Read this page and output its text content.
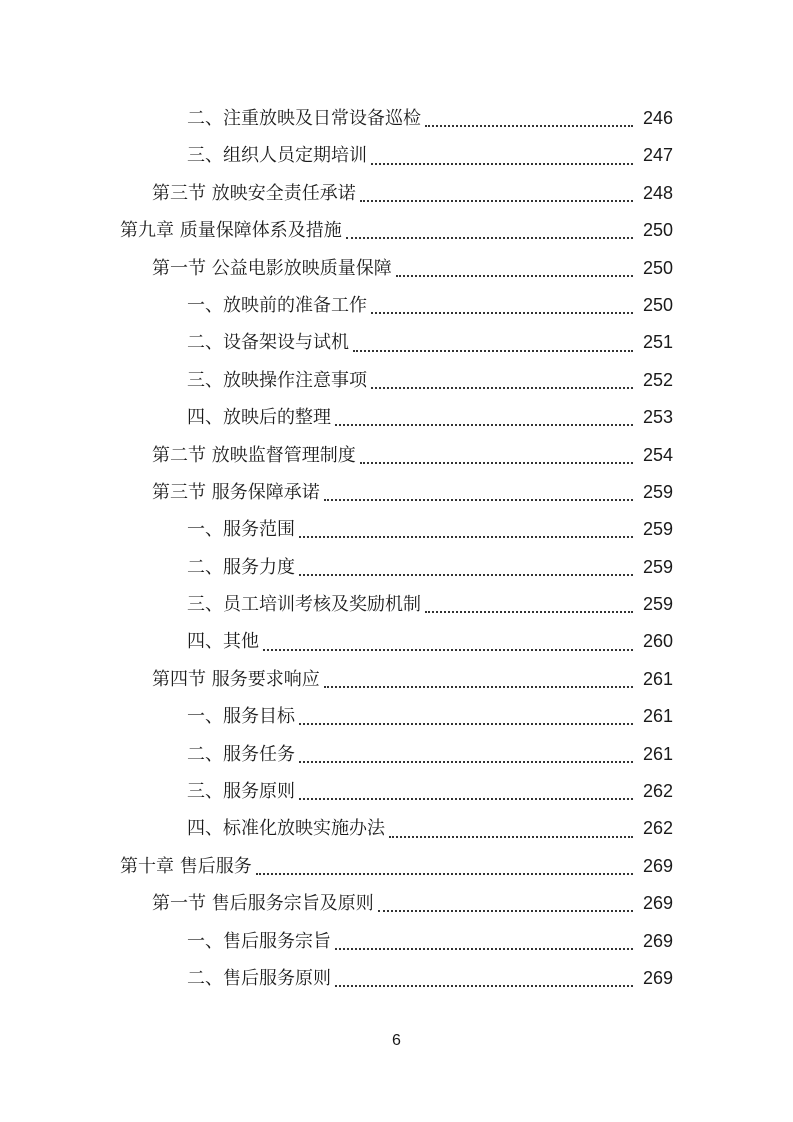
二、注重放映及日常设备巡检	246
三、组织人员定期培训	247
第三节 放映安全责任承诺	248
第九章 质量保障体系及措施	250
第一节 公益电影放映质量保障	250
一、放映前的准备工作	250
二、设备架设与试机	251
三、放映操作注意事项	252
四、放映后的整理	253
第二节 放映监督管理制度	254
第三节 服务保障承诺	259
一、服务范围	259
二、服务力度	259
三、员工培训考核及奖励机制	259
四、其他	260
第四节 服务要求响应	261
一、服务目标	261
二、服务任务	261
三、服务原则	262
四、标准化放映实施办法	262
第十章 售后服务	269
第一节 售后服务宗旨及原则	269
一、售后服务宗旨	269
二、售后服务原则	269
6
